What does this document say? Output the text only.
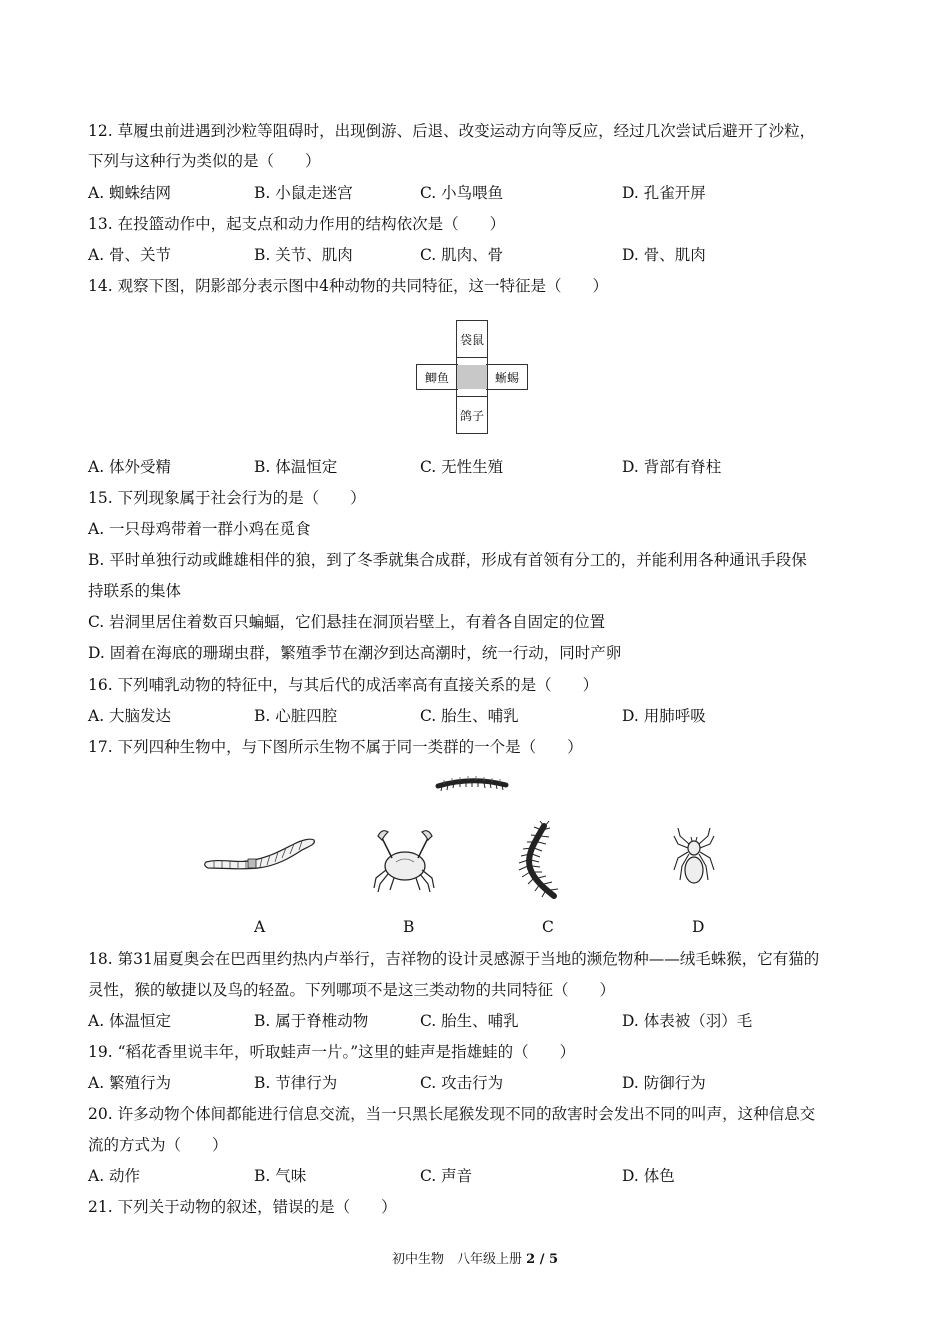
12. 草履虫前进遇到沙粒等阻碍时，出现倒游、后退、改变运动方向等反应，经过几次尝试后避开了沙粒，
下列与这种行为类似的是（　　）
A. 蜘蛛结网	B. 小鼠走迷宫	C. 小鸟喂鱼	D. 孔雀开屏
13. 在投篮动作中，起支点和动力作用的结构依次是（　　）
A. 骨、关节	B. 关节、肌肉	C. 肌肉、骨	D. 骨、肌肉
14. 观察下图，阴影部分表示图中4种动物的共同特征，这一特征是（　　）
袋鼠
鲫鱼	蜥蜴
鸽子
A. 体外受精	B. 体温恒定	C. 无性生殖	D. 背部有脊柱
15. 下列现象属于社会行为的是（　　）
A. 一只母鸡带着一群小鸡在觅食
B. 平时单独行动或雌雄相伴的狼，到了冬季就集合成群，形成有首领有分工的，并能利用各种通讯手段保
持联系的集体
C. 岩洞里居住着数百只蝙蝠，它们悬挂在洞顶岩壁上，有着各自固定的位置
D. 固着在海底的珊瑚虫群，繁殖季节在潮汐到达高潮时，统一行动，同时产卵
16. 下列哺乳动物的特征中，与其后代的成活率高有直接关系的是（　　）
A. 大脑发达	B. 心脏四腔	C. 胎生、哺乳	D. 用肺呼吸
17. 下列四种生物中，与下图所示生物不属于同一类群的一个是（　　）
A	B	C	D
18. 第31届夏奥会在巴西里约热内卢举行，吉祥物的设计灵感源于当地的濒危物种——绒毛蛛猴，它有猫的
灵性，猴的敏捷以及鸟的轻盈。下列哪项不是这三类动物的共同特征（　　）
A. 体温恒定	B. 属于脊椎动物	C. 胎生、哺乳	D. 体表被（羽）毛
19. “稻花香里说丰年，听取蛙声一片。”这里的蛙声是指雄蛙的（　　）
A. 繁殖行为	B. 节律行为	C. 攻击行为	D. 防御行为
20. 许多动物个体间都能进行信息交流，当一只黑长尾猴发现不同的敌害时会发出不同的叫声，这种信息交
流的方式为（　　）
A. 动作	B. 气味	C. 声音	D. 体色
21. 下列关于动物的叙述，错误的是（　　）
初中生物　八年级上册 2 / 5
